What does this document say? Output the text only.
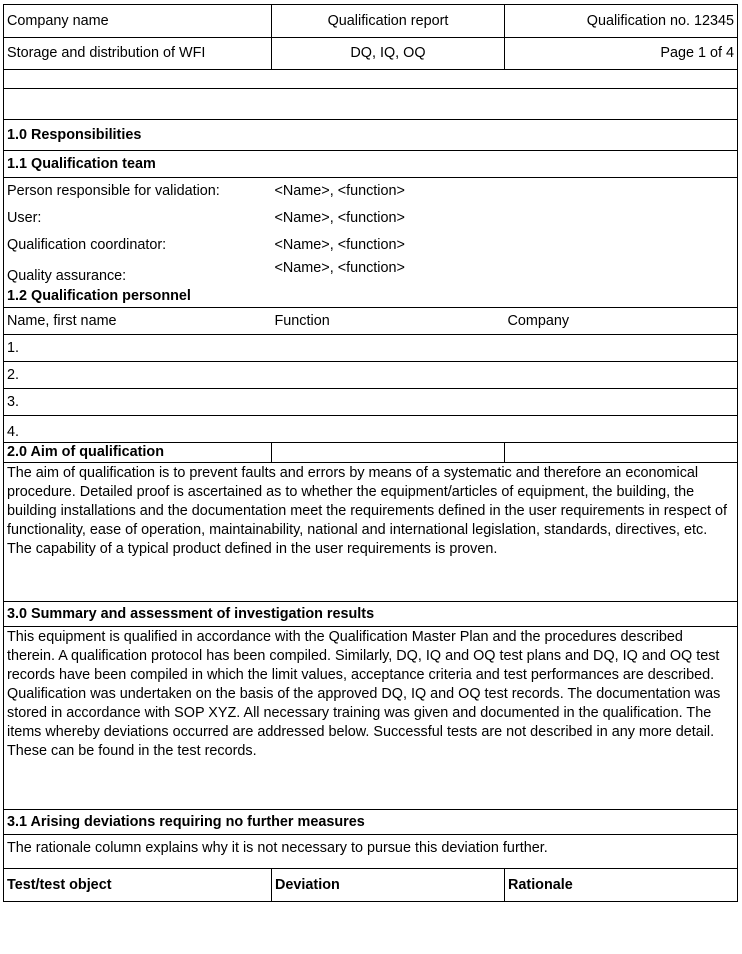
Company name	Qualification report	Qualification no. 12345
Storage and distribution of WFI	DQ, IQ, OQ	Page 1 of 4

1.0 Responsibilities		
1.1 Qualification team		
Person responsible for validation:	<Name>, <function>	
User:	<Name>, <function>	
Qualification coordinator:	<Name>, <function>	
Quality assurance:	<Name>, <function>	
1.2 Qualification personnel		
Name, first name	Function	Company
1.		
2.		
3.		
4.		
2.0 Aim of qualification		
The aim of qualification is to prevent faults and errors by means of a systematic and therefore an economical procedure. Detailed proof is ascertained as to whether the equipment/articles of equipment, the building, the building installations and the documentation meet the requirements defined in the user requirements in respect of functionality, ease of operation, maintainability, national and international legislation, standards, directives, etc. The capability of a typical product defined in the user requirements is proven.		
3.0 Summary and assessment of investigation results		
This equipment is qualified in accordance with the Qualification Master Plan and the procedures described therein. A qualification protocol has been compiled. Similarly, DQ, IQ and OQ test plans and DQ, IQ and OQ test records have been compiled in which the limit values, acceptance criteria and test performances are described. Qualification was undertaken on the basis of the approved DQ, IQ and OQ test records. The documentation was stored in accordance with SOP XYZ. All necessary training was given and documented in the qualification. The items whereby deviations occurred are addressed below. Successful tests are not described in any more detail. These can be found in the test records.		
3.1 Arising deviations requiring no further measures		
The rationale column explains why it is not necessary to pursue this deviation further.		
Test/test object	Deviation	Rationale
